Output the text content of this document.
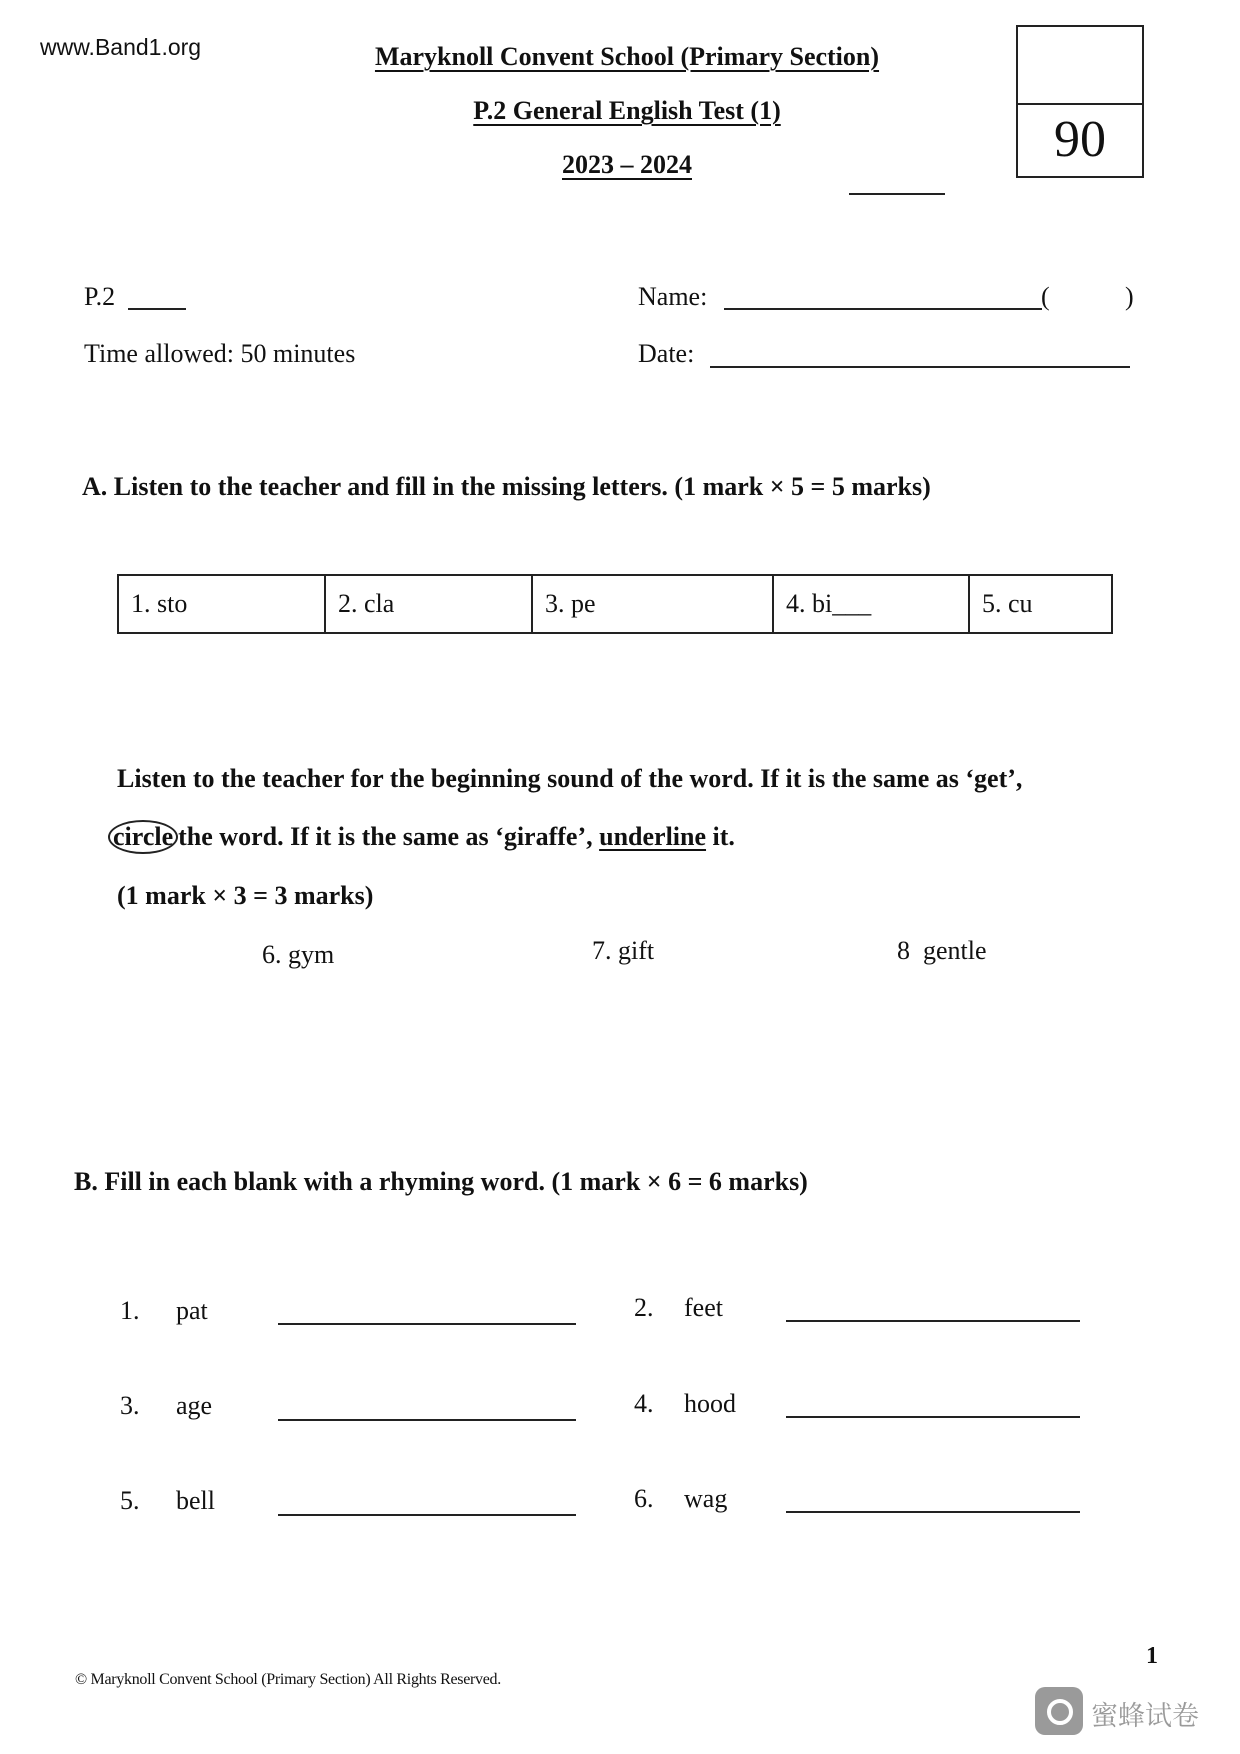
www.Band1.org	Maryknoll Convent School (Primary Section)
P.2 General English Test (1)
2023 – 2024	90
P.2	Name:	(	)
Time allowed: 50 minutes	Date:
A. Listen to the teacher and fill in the missing letters. (1 mark × 5 = 5 marks)
1. sto	2. cla	3. pe	4. bi___	5. cu
Listen to the teacher for the beginning sound of the word. If it is the same as ‘get’,
circle the word. If it is the same as ‘giraffe’, underline it.
(1 mark × 3 = 3 marks)
6. gym	7. gift	8  gentle
B. Fill in each blank with a rhyming word. (1 mark × 6 = 6 marks)
1. pat	2. feet
3. age	4. hood
5. bell	6. wag
© Maryknoll Convent School (Primary Section) All Rights Reserved.
1
蜜蜂试卷
